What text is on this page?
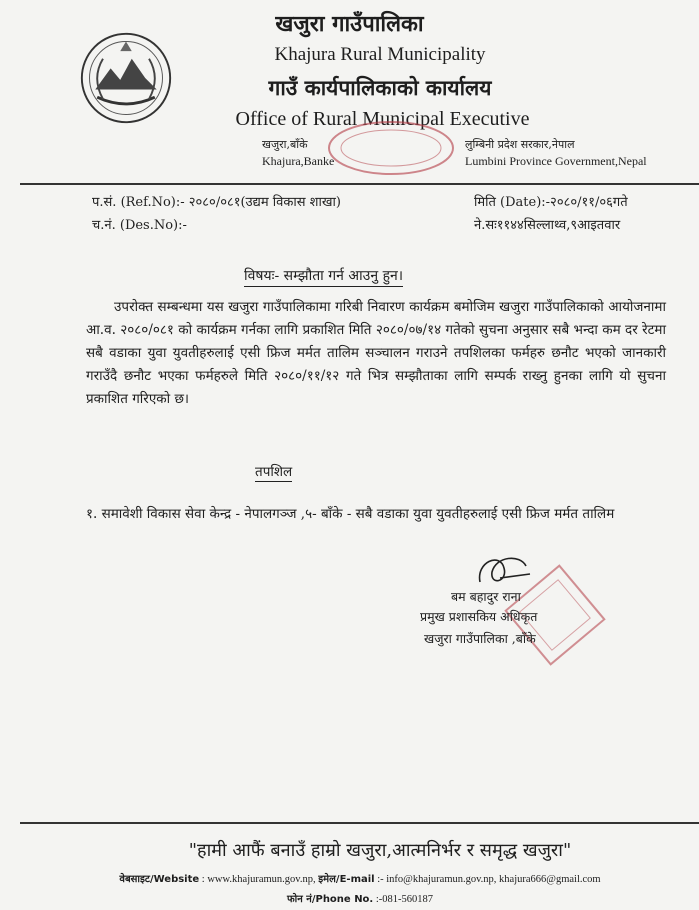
खजुरा गाउँपालिका
Khajura Rural Municipality
गाउँ कार्यपालिकाको कार्यालय
Office of Rural Municipal Executive
खजुरा,बाँके
Khajura,Banke
लुम्बिनी प्रदेश सरकार,नेपाल
Lumbini Province Government,Nepal
प.सं. (Ref.No):- २०८०/०८१(उद्यम विकास शाखा)
च.नं. (Des.No):-
मिति (Date):-२०८०/११/०६गते
ने.सः११४४सिल्लाथ्व,९आइतवार
विषयः- सम्झौता गर्न आउनु हुन।
उपरोक्त सम्बन्धमा यस खजुरा गाउँपालिकामा गरिबी निवारण कार्यक्रम बमोजिम खजुरा गाउँपालिकाको आयोजनामा आ.व. २०८०/०८१ को कार्यक्रम गर्नका लागि प्रकाशित मिति २०८०/०७/१४ गतेको सुचना अनुसार सबै भन्दा कम दर रेटमा सबै वडाका युवा युवतीहरुलाई एसी फ्रिज मर्मत तालिम सञ्चालन गराउने तपशिलका फर्महरु छनौट भएको जानकारी गराउँदै छनौट भएका फर्महरुले मिति २०८०/११/१२ गते भित्र सम्झौताका लागि सम्पर्क राख्नु हुनका लागि यो सुचना प्रकाशित गरिएको छ।
तपशिल
१. समावेशी विकास सेवा केन्द्र - नेपालगञ्ज ,५- बाँके - सबै वडाका युवा युवतीहरुलाई एसी फ्रिज मर्मत तालिम
बम बहादुर राना
प्रमुख प्रशासकिय अधिकृत
खजुरा गाउँपालिका ,बाँके
"हामी आफैं बनाउँ हाम्रो खजुरा,आत्मनिर्भर र समृद्ध खजुरा"
वेबसाइट/Website : www.khajuramun.gov.np, इमेल/E-mail :- info@khajuramun.gov.np, khajura666@gmail.com
फोन नं/Phone No. :-081-560187
